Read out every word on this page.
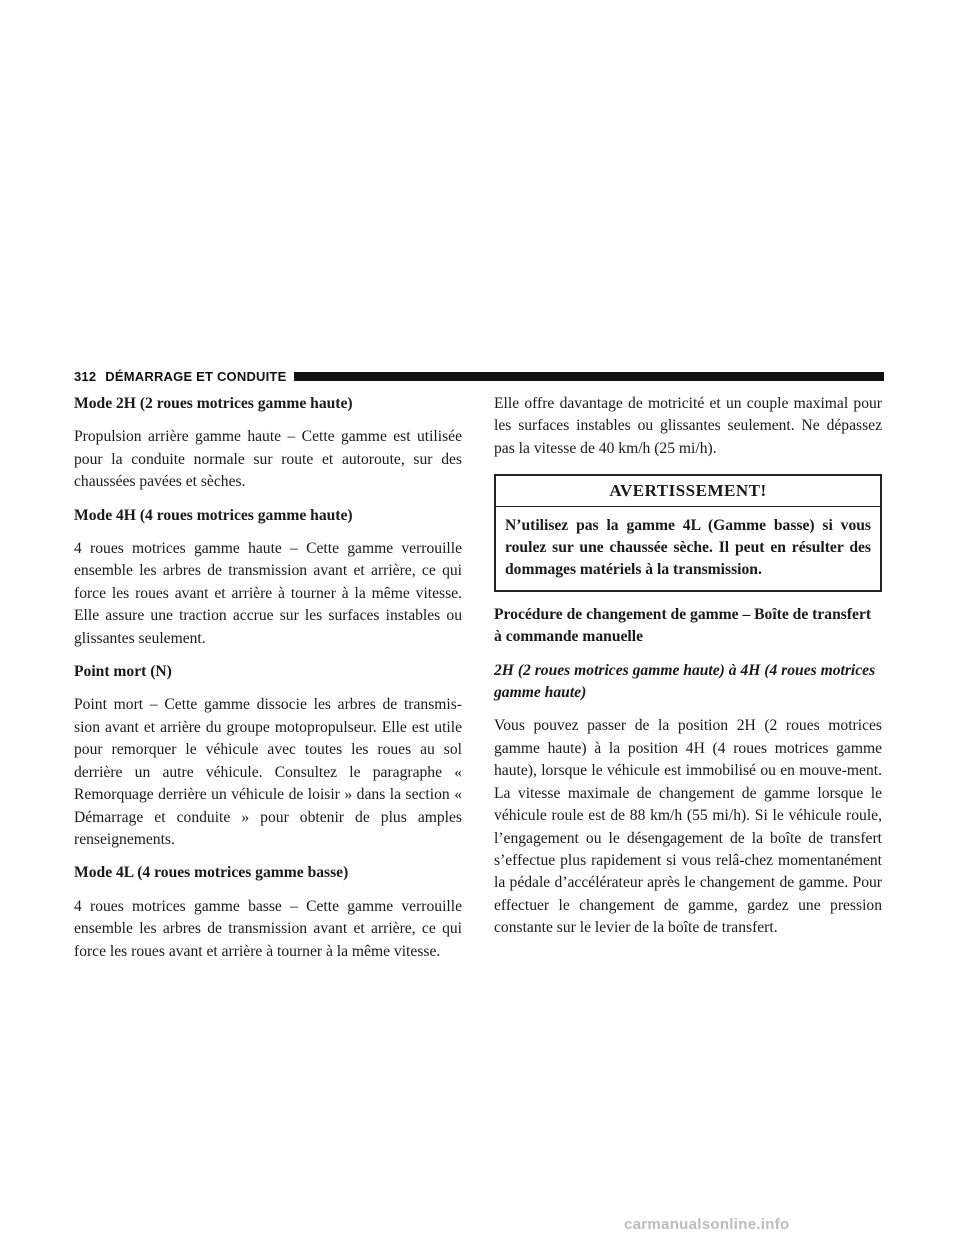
312 DÉMARRAGE ET CONDUITE
Mode 2H (2 roues motrices gamme haute)

Propulsion arrière gamme haute – Cette gamme est utilisée pour la conduite normale sur route et autoroute, sur des chaussées pavées et sèches.

Mode 4H (4 roues motrices gamme haute)

4 roues motrices gamme haute – Cette gamme verrouille ensemble les arbres de transmission avant et arrière, ce qui force les roues avant et arrière à tourner à la même vitesse. Elle assure une traction accrue sur les surfaces instables ou glissantes seulement.

Point mort (N)

Point mort – Cette gamme dissocie les arbres de transmis-sion avant et arrière du groupe motopropulseur. Elle est utile pour remorquer le véhicule avec toutes les roues au sol derrière un autre véhicule. Consultez le paragraphe « Remorquage derrière un véhicule de loisir » dans la section « Démarrage et conduite » pour obtenir de plus amples renseignements.

Mode 4L (4 roues motrices gamme basse)

4 roues motrices gamme basse – Cette gamme verrouille ensemble les arbres de transmission avant et arrière, ce qui force les roues avant et arrière à tourner à la même vitesse.

Elle offre davantage de motricité et un couple maximal pour les surfaces instables ou glissantes seulement. Ne dépassez pas la vitesse de 40 km/h (25 mi/h).

AVERTISSEMENT!
N’utilisez pas la gamme 4L (Gamme basse) si vous roulez sur une chaussée sèche. Il peut en résulter des dommages matériels à la transmission.
Procédure de changement de gamme – Boîte de transfert à commande manuelle
2H (2 roues motrices gamme haute) à 4H (4 roues motrices gamme haute)

Vous pouvez passer de la position 2H (2 roues motrices gamme haute) à la position 4H (4 roues motrices gamme haute), lorsque le véhicule est immobilisé ou en mouve-ment. La vitesse maximale de changement de gamme lorsque le véhicule roule est de 88 km/h (55 mi/h). Si le véhicule roule, l’engagement ou le désengagement de la boîte de transfert s’effectue plus rapidement si vous relâ-chez momentanément la pédale d’accélérateur après le changement de gamme. Pour effectuer le changement de gamme, gardez une pression constante sur le levier de la boîte de transfert.

carmanualsonline.info
